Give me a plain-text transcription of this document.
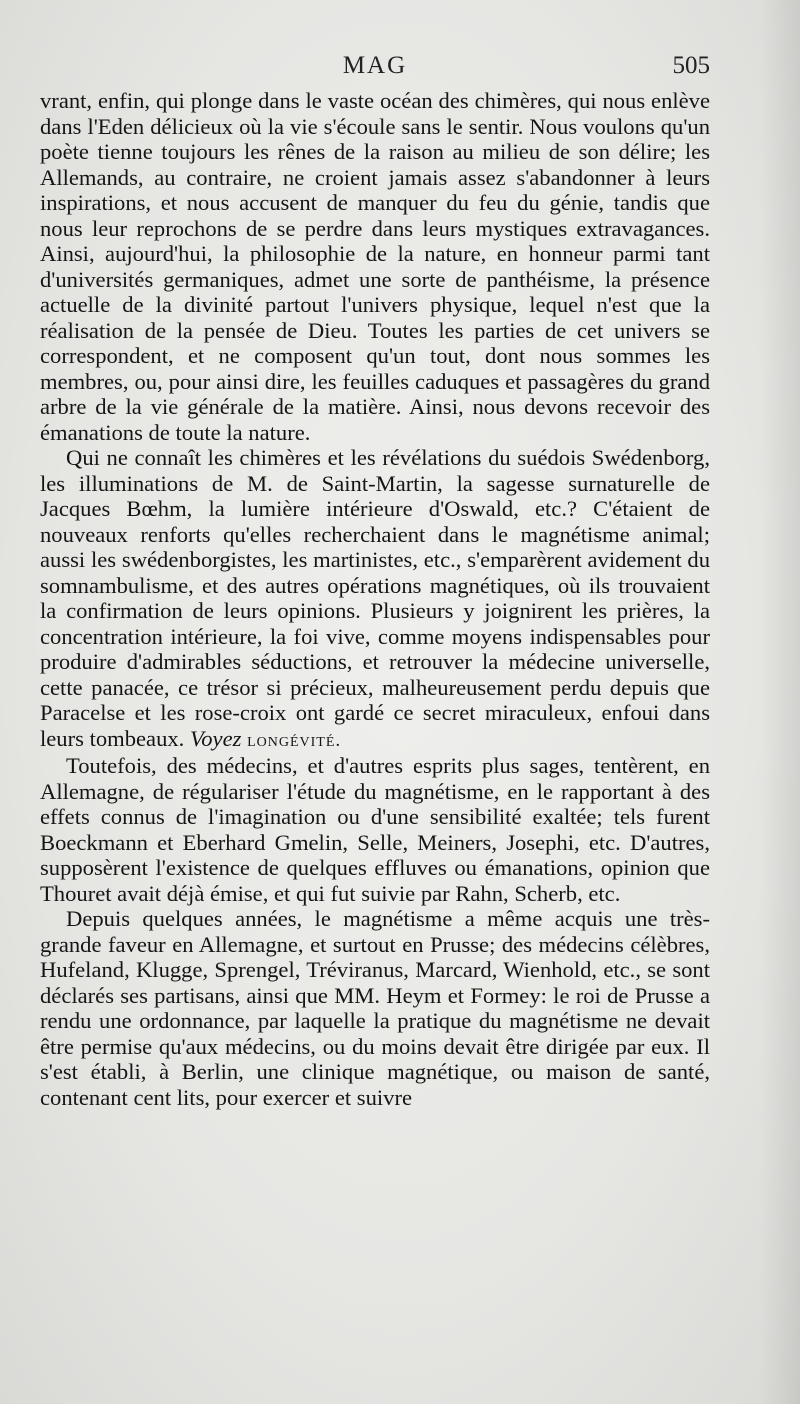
MAG	505

vrant, enfin, qui plonge dans le vaste océan des chimères, qui nous enlève dans l'Eden délicieux où la vie s'écoule sans le sentir. Nous voulons qu'un poète tienne toujours les rênes de la raison au milieu de son délire; les Allemands, au contraire, ne croient jamais assez s'abandonner à leurs inspirations, et nous accusent de manquer du feu du génie, tandis que nous leur reprochons de se perdre dans leurs mystiques extravagances. Ainsi, aujourd'hui, la philosophie de la nature, en honneur parmi tant d'universités germaniques, admet une sorte de panthéisme, la présence actuelle de la divinité partout l'univers physique, lequel n'est que la réalisation de la pensée de Dieu. Toutes les parties de cet univers se correspondent, et ne composent qu'un tout, dont nous sommes les membres, ou, pour ainsi dire, les feuilles caduques et passagères du grand arbre de la vie générale de la matière. Ainsi, nous devons recevoir des émanations de toute la nature.

Qui ne connaît les chimères et les révélations du suédois Swédenborg, les illuminations de M. de Saint-Martin, la sagesse surnaturelle de Jacques Bœhm, la lumière intérieure d'Oswald, etc.? C'étaient de nouveaux renforts qu'elles recherchaient dans le magnétisme animal; aussi les swédenborgistes, les martinistes, etc., s'emparèrent avidement du somnambulisme, et des autres opérations magnétiques, où ils trouvaient la confirmation de leurs opinions. Plusieurs y joignirent les prières, la concentration intérieure, la foi vive, comme moyens indispensables pour produire d'admirables séductions, et retrouver la médecine universelle, cette panacée, ce trésor si précieux, malheureusement perdu depuis que Paracelse et les rose-croix ont gardé ce secret miraculeux, enfoui dans leurs tombeaux. Voyez longévité.

Toutefois, des médecins, et d'autres esprits plus sages, tentèrent, en Allemagne, de régulariser l'étude du magnétisme, en le rapportant à des effets connus de l'imagination ou d'une sensibilité exaltée; tels furent Boeckmann et Eberhard Gmelin, Selle, Meiners, Josephi, etc. D'autres, supposèrent l'existence de quelques effluves ou émanations, opinion que Thouret avait déjà émise, et qui fut suivie par Rahn, Scherb, etc.

Depuis quelques années, le magnétisme a même acquis une très-grande faveur en Allemagne, et surtout en Prusse; des médecins célèbres, Hufeland, Klugge, Sprengel, Tréviranus, Marcard, Wienhold, etc., se sont déclarés ses partisans, ainsi que MM. Heym et Formey: le roi de Prusse a rendu une ordonnance, par laquelle la pratique du magnétisme ne devait être permise qu'aux médecins, ou du moins devait être dirigée par eux. Il s'est établi, à Berlin, une clinique magnétique, ou maison de santé, contenant cent lits, pour exercer et suivre
